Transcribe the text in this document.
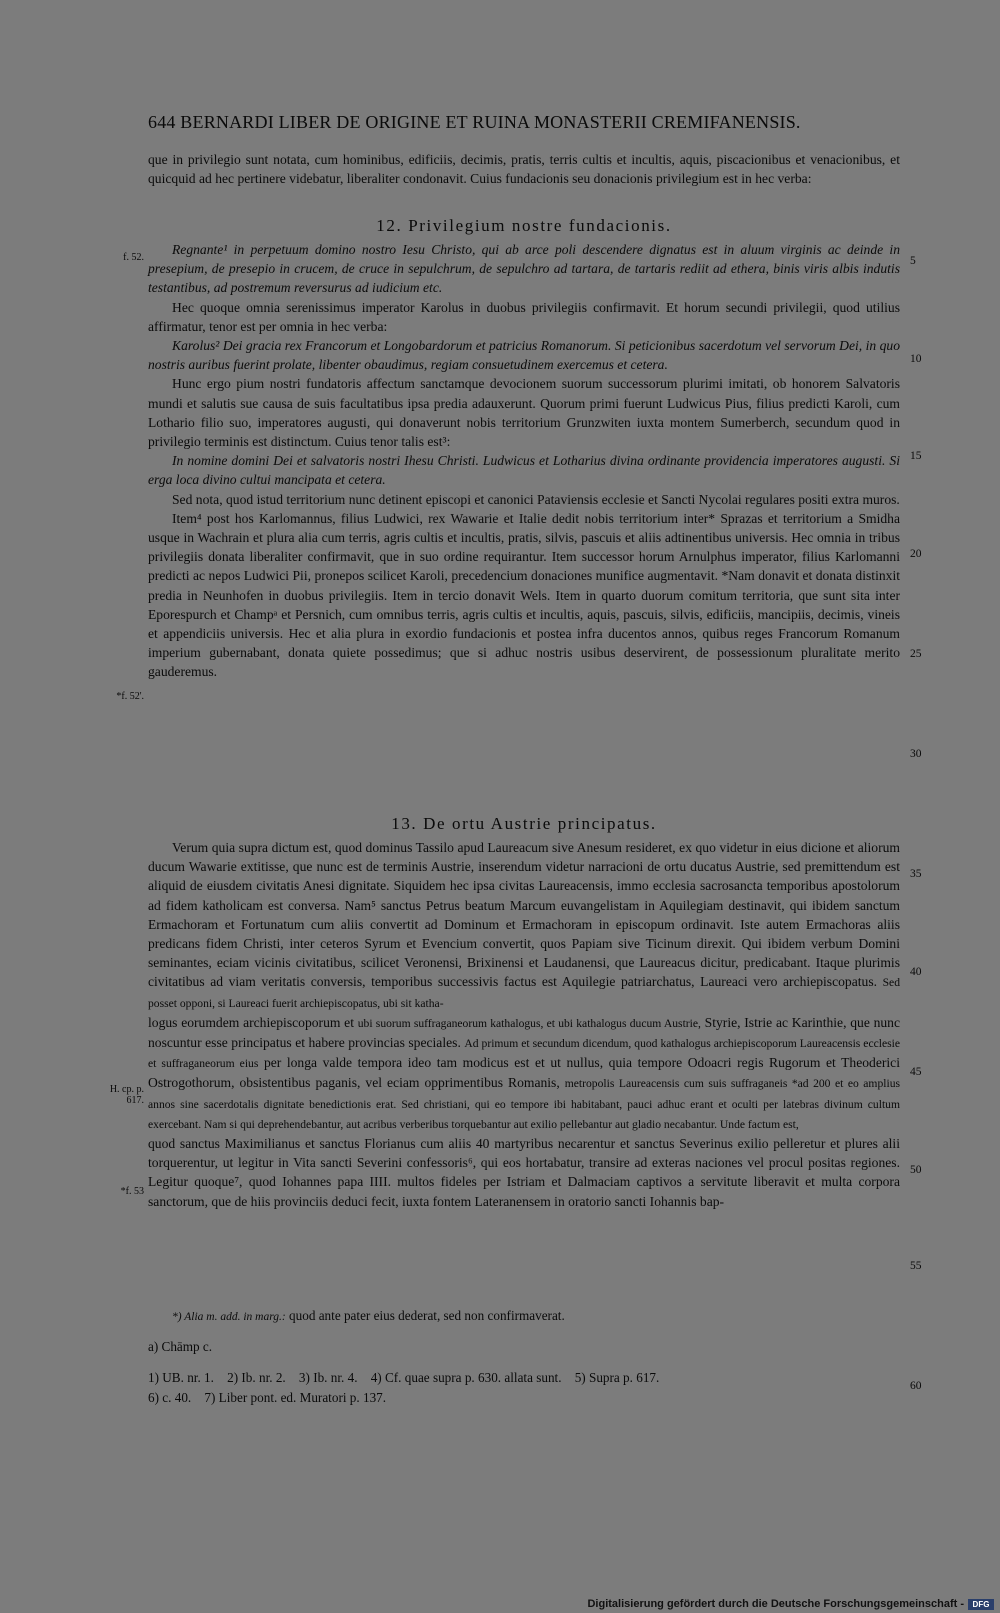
644 BERNARDI LIBER DE ORIGINE ET RUINA MONASTERII CREMIFANENSIS.

que in privilegio sunt notata, cum hominibus, edificiis, decimis, pratis, terris cultis et incultis, aquis, piscacionibus et venacionibus, et quicquid ad hec pertinere videbatur, liberaliter condonavit. Cuius fundacionis seu donacionis privilegium est in hec verba:

12. Privilegium nostre fundacionis.

Regnante¹ in perpetuum domino nostro Iesu Christo, qui ab arce poli descendere dignatus est in aluum virginis ac deinde in presepium, de presepio in crucem, de cruce in sepulchrum, de sepulchro ad tartara, de tartaris rediit ad ethera, binis viris albis indutis testantibus, ad postremum reversurus ad iudicium etc.

Hec quoque omnia serenissimus imperator Karolus in duobus privilegiis confirmavit. Et horum secundi privilegii, quod utilius affirmatur, tenor est per omnia in hec verba:

Karolus² Dei gracia rex Francorum et Longobardorum et patricius Romanorum. Si peticionibus sacerdotum vel servorum Dei, in quo nostris auribus fuerint prolate, libenter obaudimus, regiam consuetudinem exercemus et cetera.

Hunc ergo pium nostri fundatoris affectum sanctamque devocionem suorum successorum plurimi imitati, ob honorem Salvatoris mundi et salutis sue causa de suis facultatibus ipsa predia adauxerunt. Quorum primi fuerunt Ludwicus Pius, filius predicti Karoli, cum Lothario filio suo, imperatores augusti, qui donaverunt nobis territorium Grunzwiten iuxta montem Sumerberch, secundum quod in privilegio terminis est distinctum. Cuius tenor talis est³:

In nomine domini Dei et salvatoris nostri Ihesu Christi. Ludwicus et Lotharius divina ordinante providencia imperatores augusti. Si erga loca divino cultui mancipata et cetera.

Sed nota, quod istud territorium nunc detinent episcopi et canonici Pataviensis ecclesie et Sancti Nycolai regulares positi extra muros.

Item⁴ post hos Karlomannus, filius Ludwici, rex Wawarie et Italie dedit nobis territorium inter* Sprazas et territorium a Smidha usque in Wachrain et plura alia cum terris, agris cultis et incultis, pratis, silvis, pascuis et aliis adtinentibus universis. Hec omnia in tribus privilegiis donata liberaliter confirmavit, que in suo ordine requirantur. Item successor horum Arnulphus imperator, filius Karlomanni predicti ac nepos Ludwici Pii, pronepos scilicet Karoli, precedencium donaciones munifice augmentavit. *Nam donavit et donata distinxit predia in Neunhofen in duobus privilegiis. Item in tercio donavit Wels. Item in quarto duorum comitum territoria, que sunt sita inter Eporespurch et Champᵃ et Persnich, cum omnibus terris, agris cultis et incultis, aquis, pascuis, silvis, edificiis, mancipiis, decimis, vineis et appendiciis universis. Hec et alia plura in exordio fundacionis et postea infra ducentos annos, quibus reges Francorum Romanum imperium gubernabant, donata quiete possedimus; que si adhuc nostris usibus deservirent, de possessionum pluralitate merito gauderemus.

13. De ortu Austrie principatus.

Verum quia supra dictum est, quod dominus Tassilo apud Laureacum sive Anesum resideret, ex quo videtur in eius dicione et aliorum ducum Wawarie extitisse, que nunc est de terminis Austrie, inserendum videtur narracioni de ortu ducatus Austrie, sed premittendum est aliquid de eiusdem civitatis Anesi dignitate. Siquidem hec ipsa civitas Laureacensis, immo ecclesia sacrosancta temporibus apostolorum ad fidem katholicam est conversa. Nam⁵ sanctus Petrus beatum Marcum euvangelistam in Aquilegiam destinavit, qui ibidem sanctum Ermachoram et Fortunatum cum aliis convertit ad Dominum et Ermachoram in episcopum ordinavit. Iste autem Ermachoras aliis predicans fidem Christi, inter ceteros Syrum et Evencium convertit, quos Papiam sive Ticinum direxit. Qui ibidem verbum Domini seminantes, eciam vicinis civitatibus, scilicet Veronensi, Brixinensi et Laudanensi, que Laureacus dicitur, predicabant. Itaque plurimis civitatibus ad viam veritatis conversis, temporibus successivis factus est Aquilegie patriarchatus, Laureaci vero archiepiscopatus. Sed posset opponi, si Laureaci fuerit archiepiscopatus, ubi sit katha-

logus eorumdem archiepiscoporum et ubi suorum suffraganeorum kathalogus, et ubi kathalogus ducum Austrie, Styrie, Istrie ac Karinthie, que nunc noscuntur esse principatus et habere provincias speciales. Ad primum et secundum dicendum, quod kathalogus archiepiscoporum Laureacensis ecclesie et suffraganeorum eius per longa valde tempora ideo tam modicus est et ut nullus, quia tempore Odoacri regis Rugorum et Theoderici Ostrogothorum, obsistentibus paganis, vel eciam opprimentibus Romanis, metropolis Laureacensis cum suis suffraganeis *ad 200 et eo amplius annos sine sacerdotalis dignitate benedictionis erat. Sed christiani, qui eo tempore ibi habitabant, pauci adhuc erant et oculti per latebras divinum cultum exercebant. Nam si qui deprehendebantur, aut acribus verberibus torquebantur aut exilio pellebantur aut gladio necabantur. Unde factum est,

quod sanctus Maximilianus et sanctus Florianus cum aliis 40 martyribus necarentur et sanctus Severinus exilio pelleretur et plures alii torquerentur, ut legitur in Vita sancti Severini confessoris⁶, qui eos hortabatur, transire ad exteras naciones vel procul positas regiones. Legitur quoque⁷, quod Iohannes papa IIII. multos fideles per Istriam et Dalmaciam captivos a servitute liberavit et multa corpora sanctorum, que de hiis provinciis deduci fecit, iuxta fontem Lateranensem in oratorio sancti Iohannis bap-

*) Alia m. add. in marg.: quod ante pater eius dederat, sed non confirmaverat.

a) Chāmp c.

1) UB. nr. 1.    2) Ib. nr. 2.    3) Ib. nr. 4.    4) Cf. quae supra p. 630. allata sunt.    5) Supra p. 617.

6) c. 40.    7) Liber pont. ed. Muratori p. 137.

f. 52.
*f. 52'.
H. cp. p. 617.
*f. 53
5
10
15
20
25
30
35
40
45
50
55
60
Digitalisierung gefördert durch die Deutsche Forschungsgemeinschaft -	DFG
